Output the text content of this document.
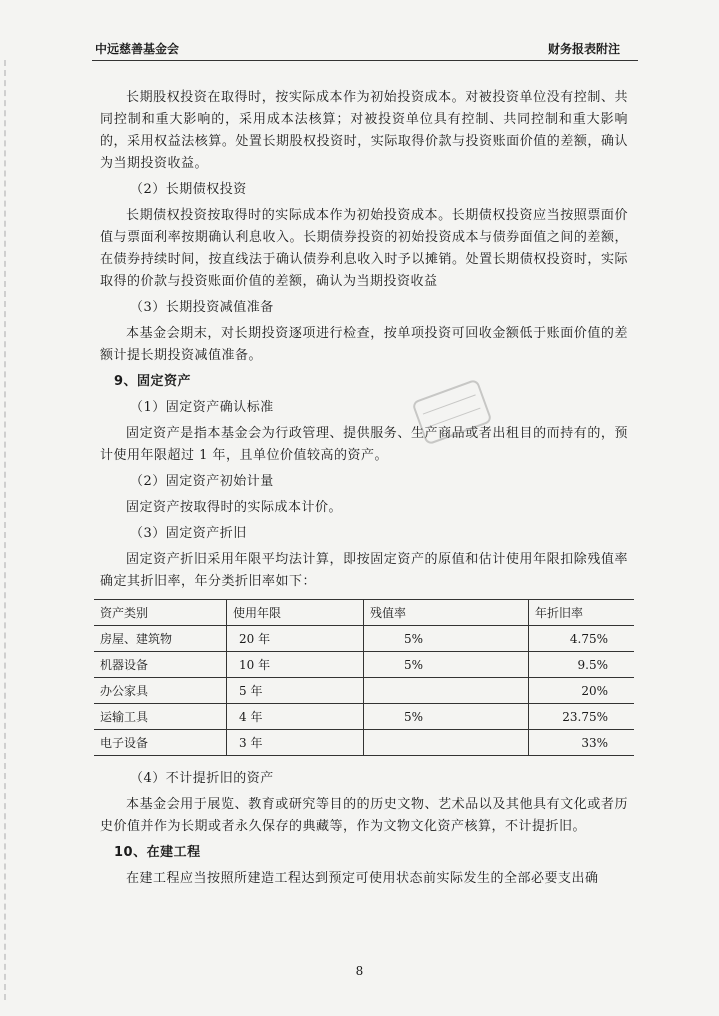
中远慈善基金会	财务报表附注

长期股权投资在取得时，按实际成本作为初始投资成本。对被投资单位没有控制、共同控制和重大影响的，采用成本法核算；对被投资单位具有控制、共同控制和重大影响的，采用权益法核算。处置长期股权投资时，实际取得价款与投资账面价值的差额，确认为当期投资收益。

（2）长期债权投资

长期债权投资按取得时的实际成本作为初始投资成本。长期债权投资应当按照票面价值与票面利率按期确认利息收入。长期债券投资的初始投资成本与债券面值之间的差额，在债券持续时间，按直线法于确认债券利息收入时予以摊销。处置长期债权投资时，实际取得的价款与投资账面价值的差额，确认为当期投资收益

（3）长期投资减值准备

本基金会期末，对长期投资逐项进行检查，按单项投资可回收金额低于账面价值的差额计提长期投资减值准备。

9、固定资产

（1）固定资产确认标准

固定资产是指本基金会为行政管理、提供服务、生产商品或者出租目的而持有的，预计使用年限超过 1 年，且单位价值较高的资产。

（2）固定资产初始计量

固定资产按取得时的实际成本计价。

（3）固定资产折旧

固定资产折旧采用年限平均法计算，即按固定资产的原值和估计使用年限扣除残值率确定其折旧率，年分类折旧率如下：

资产类别	使用年限	残值率	年折旧率
房屋、建筑物	20 年	5%	4.75%
机器设备	10 年	5%	9.5%
办公家具	5 年		20%
运输工具	4 年	5%	23.75%
电子设备	3 年		33%

（4）不计提折旧的资产

本基金会用于展览、教育或研究等目的的历史文物、艺术品以及其他具有文化或者历史价值并作为长期或者永久保存的典藏等，作为文物文化资产核算，不计提折旧。

10、在建工程

在建工程应当按照所建造工程达到预定可使用状态前实际发生的全部必要支出确

8
